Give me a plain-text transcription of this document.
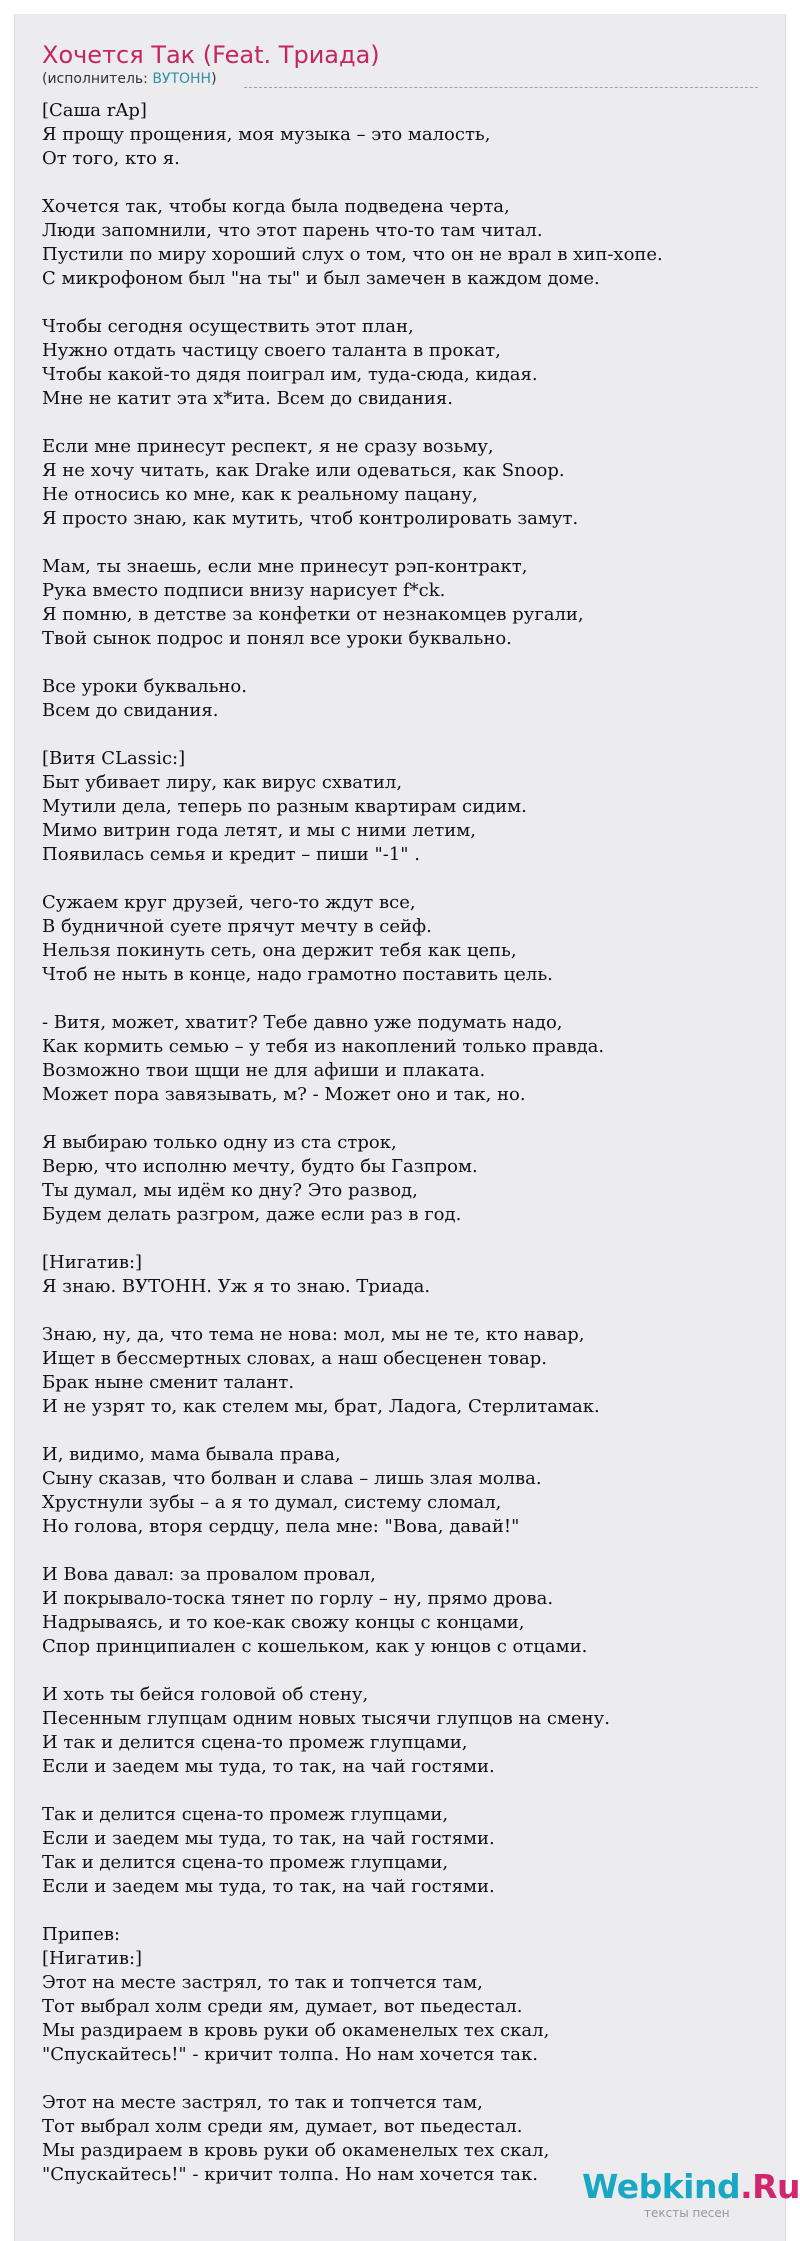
Хочется Так (Feat. Триада)
(исполнитель: ВУТОНН)
[Саша rAp]
Я прощу прощения, моя музыка – это малость,
От того, кто я.

Хочется так, чтобы когда была подведена черта,
Люди запомнили, что этот парень что-то там читал.
Пустили по миру хороший слух о том, что он не врал в хип-хопе.
С микрофоном был "на ты" и был замечен в каждом доме.

Чтобы сегодня осуществить этот план,
Нужно отдать частицу своего таланта в прокат,
Чтобы какой-то дядя поиграл им, туда-сюда, кидая.
Мне не катит эта х*ита. Всем до свидания.

Если мне принесут респект, я не сразу возьму,
Я не хочу читать, как Drake или одеваться, как Snoop.
Не относись ко мне, как к реальному пацану,
Я просто знаю, как мутить, чтоб контролировать замут.

Мам, ты знаешь, если мне принесут рэп-контракт,
Рука вместо подписи внизу нарисует f*ck.
Я помню, в детстве за конфетки от незнакомцев ругали,
Твой сынок подрос и понял все уроки буквально.

Все уроки буквально.
Всем до свидания.

[Витя CLassic:]
Быт убивает лиру, как вирус схватил,
Мутили дела, теперь по разным квартирам сидим.
Мимо витрин года летят, и мы с ними летим,
Появилась семья и кредит – пиши "-1" .

Сужаем круг друзей, чего-то ждут все,
В будничной суете прячут мечту в сейф.
Нельзя покинуть сеть, она держит тебя как цепь,
Чтоб не ныть в конце, надо грамотно поставить цель.

- Витя, может, хватит? Тебе давно уже подумать надо,
Как кормить семью – у тебя из накоплений только правда.
Возможно твои щщи не для афиши и плаката.
Может пора завязывать, м? - Может оно и так, но.

Я выбираю только одну из ста строк,
Верю, что исполню мечту, будто бы Газпром.
Ты думал, мы идём ко дну? Это развод,
Будем делать разгром, даже если раз в год.

[Нигатив:]
Я знаю. ВУТОНН. Уж я то знаю. Триада.

Знаю, ну, да, что тема не нова: мол, мы не те, кто навар,
Ищет в бессмертных словах, а наш обесценен товар.
Брак ныне сменит талант.
И не узрят то, как стелем мы, брат, Ладога, Стерлитамак.

И, видимо, мама бывала права,
Сыну сказав, что болван и слава – лишь злая молва.
Хрустнули зубы – а я то думал, систему сломал,
Но голова, вторя сердцу, пела мне: "Вова, давай!"

И Вова давал: за провалом провал,
И покрывало-тоска тянет по горлу – ну, прямо дрова.
Надрываясь, и то кое-как свожу концы с концами,
Спор принципиален с кошельком, как у юнцов с отцами.

И хоть ты бейся головой об стену,
Песенным глупцам одним новых тысячи глупцов на смену.
И так и делится сцена-то промеж глупцами,
Если и заедем мы туда, то так, на чай гостями.

Так и делится сцена-то промеж глупцами,
Если и заедем мы туда, то так, на чай гостями.
Так и делится сцена-то промеж глупцами,
Если и заедем мы туда, то так, на чай гостями.

Припев:
[Нигатив:]
Этот на месте застрял, то так и топчется там,
Тот выбрал холм среди ям, думает, вот пьедестал.
Мы раздираем в кровь руки об окаменелых тех скал,
"Спускайтесь!" - кричит толпа. Но нам хочется так.

Этот на месте застрял, то так и топчется там,
Тот выбрал холм среди ям, думает, вот пьедестал.
Мы раздираем в кровь руки об окаменелых тех скал,
"Спускайтесь!" - кричит толпа. Но нам хочется так.	Webkind.Ru
тексты песен
